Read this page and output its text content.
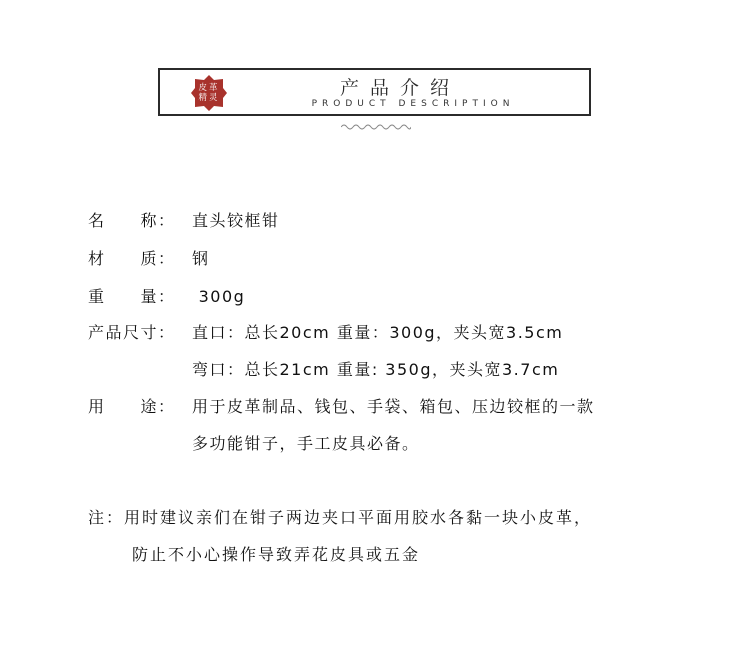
皮革
精灵	产品介绍
PRODUCT DESCRIPTION
名　　称： 直头铰框钳
材　　质： 钢
重　　量： 300g
产品尺寸： 直口：总长20cm 重量：300g，夹头宽3.5cm
弯口：总长21cm 重量: 350g，夹头宽3.7cm
用　　途： 用于皮革制品、钱包、手袋、箱包、压边铰框的一款
多功能钳子，手工皮具必备。
注：用时建议亲们在钳子两边夹口平面用胶水各黏一块小皮革，
防止不小心操作导致弄花皮具或五金
